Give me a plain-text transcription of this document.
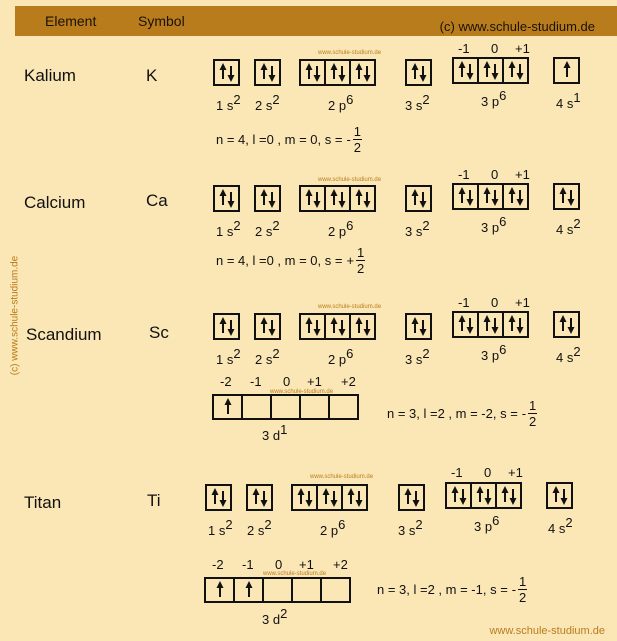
Element	Symbol	(c) www.schule-studium.de
(c) www.schule-studium.de
www.schule-studium.de
Kalium	K
www.schule-studium.de	-1 0 +1
1 $s^2$ 2 $s^2$	2 $p^6$	3 $s^2$	3 $p^6$
4 $s^1$
n = 4, l =0 , m = 0, s = - $\frac{1}{2}$
Calcium	Ca
www.schule-studium.de	-1 0 +1
1 $s^2$ 2 $s^2$	2 $p^6$	3 $s^2$	3 $p^6$
4 $s^2$
n = 4, l =0 , m = 0, s = + $\frac{1}{2}$
Scandium	Sc
www.schule-studium.de	-1 0 +1
1 $s^2$ 2 $s^2$	2 $p^6$	3 $s^2$	3 $p^6$
4 $s^2$
-2 -1 0 +1 +2
www.schule-studium.de
3 $d^1$
n = 3, l =2 , m = -2, s = - $\frac{1}{2}$
Titan	Ti
www.schule-studium.de	-1 0 +1
1 $s^2$ 2 $s^2$	2 $p^6$	3 $s^2$	3 $p^6$
4 $s^2$
-2 -1 0 +1 +2
www.schule-studium.de
3 $d^2$
n = 3, l =2 , m = -1, s = - $\frac{1}{2}$
